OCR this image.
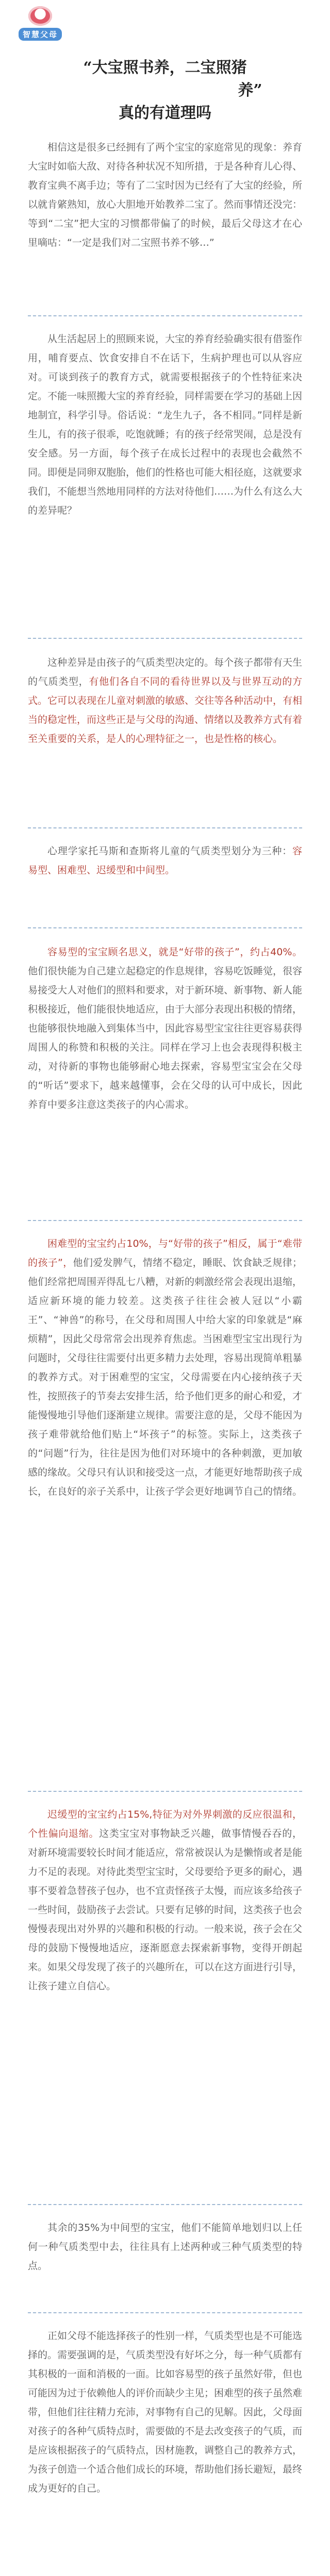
智慧父母

“大宝照书养，二宝照猪

养”

真的有道理吗

相信这是很多已经拥有了两个宝宝的家庭常见的现象：养育大宝时如临大敌、对待各种状况不知所措，于是各种育儿心得、教育宝典不离手边；等有了二宝时因为已经有了大宝的经验，所以就肯綮熟知，放心大胆地开始教养二宝了。然而事情还没完：等到“二宝”把大宝的习惯都带偏了的时候，最后父母这才在心里嘀咕：“一定是我们对二宝照书养不够…”

从生活起居上的照顾来说，大宝的养育经验确实很有借鉴作用，哺育要点、饮食安排自不在话下，生病护理也可以从容应对。可谈到孩子的教育方式，就需要根据孩子的个性特征来决定。不能一味照搬大宝的养育经验，同样需要在学习的基础上因地制宜，科学引导。俗话说：“龙生九子，各不相同。”同样是新生儿，有的孩子很乖，吃饱就睡；有的孩子经常哭闹，总是没有安全感。另一方面，每个孩子在成长过程中的表现也会截然不同。即便是同卵双胞胎，他们的性格也可能大相径庭，这就要求我们，不能想当然地用同样的方法对待他们……为什么有这么大的差异呢？

这种差异是由孩子的气质类型决定的。每个孩子都带有天生的气质类型，有他们各自不同的看待世界以及与世界互动的方式。它可以表现在儿童对刺激的敏感、交往等各种活动中，有相当的稳定性，而这些正是与父母的沟通、情绪以及教养方式有着至关重要的关系，是人的心理特征之一，也是性格的核心。

心理学家托马斯和查斯将儿童的气质类型划分为三种：容易型、困难型、迟缓型和中间型。

容易型的宝宝顾名思义，就是“好带的孩子”，约占40%。他们很快能为自己建立起稳定的作息规律，容易吃饭睡觉，很容易接受大人对他们的照料和要求，对于新环境、新事物、新人能积极接近，他们能很快地适应，由于大部分表现出积极的情绪，也能够很快地融入到集体当中，因此容易型宝宝往往更容易获得周围人的称赞和积极的关注。同样在学习上也会表现得积极主动，对待新的事物也能够耐心地去探索，容易型宝宝会在父母的“听话”要求下，越来越懂事，会在父母的认可中成长，因此养育中要多注意这类孩子的内心需求。

困难型的宝宝约占10%，与“好带的孩子”相反，属于“难带的孩子”，他们爱发脾气，情绪不稳定，睡眠、饮食缺乏规律；他们经常把周围弄得乱七八糟，对新的刺激经常会表现出退缩，适应新环境的能力较差。这类孩子往往会被人冠以“小霸王”、“神兽”的称号，在父母和周围人中给大家的印象就是“麻烦精”，因此父母常常会出现养育焦虑。当困难型宝宝出现行为问题时，父母往往需要付出更多精力去处理，容易出现简单粗暴的教养方式。对于困难型的宝宝，父母需要在内心接纳孩子天性，按照孩子的节奏去安排生活，给予他们更多的耐心和爱，才能慢慢地引导他们逐渐建立规律。需要注意的是，父母不能因为孩子难带就给他们贴上“坏孩子”的标签。实际上，这类孩子的“问题”行为，往往是因为他们对环境中的各种刺激，更加敏感的缘故。父母只有认识和接受这一点，才能更好地帮助孩子成长，在良好的亲子关系中，让孩子学会更好地调节自己的情绪。

迟缓型的宝宝约占15%,特征为对外界刺激的反应很温和，个性偏向退缩。这类宝宝对事物缺乏兴趣，做事情慢吞吞的，对新环境需要较长时间才能适应，常常被误认为是懒惰或者是能力不足的表现。对待此类型宝宝时，父母要给予更多的耐心，遇事不要着急替孩子包办，也不宜责怪孩子太慢，而应该多给孩子一些时间，鼓励孩子去尝试。只要有足够的时间，这类孩子也会慢慢表现出对外界的兴趣和积极的行动。一般来说，孩子会在父母的鼓励下慢慢地适应，逐渐愿意去探索新事物，变得开朗起来。如果父母发现了孩子的兴趣所在，可以在这方面进行引导，让孩子建立自信心。

其余的35%为中间型的宝宝，他们不能简单地划归以上任何一种气质类型中去，往往具有上述两种或三种气质类型的特点。

正如父母不能选择孩子的性别一样，气质类型也是不可能选择的。需要强调的是，气质类型没有好坏之分，每一种气质都有其积极的一面和消极的一面。比如容易型的孩子虽然好带，但也可能因为过于依赖他人的评价而缺少主见；困难型的孩子虽然难带，但他们往往精力充沛，对事物有自己的见解。因此，父母面对孩子的各种气质特点时，需要做的不是去改变孩子的气质，而是应该根据孩子的气质特点，因材施教，调整自己的教养方式，为孩子创造一个适合他们成长的环境，帮助他们扬长避短，最终成为更好的自己。
